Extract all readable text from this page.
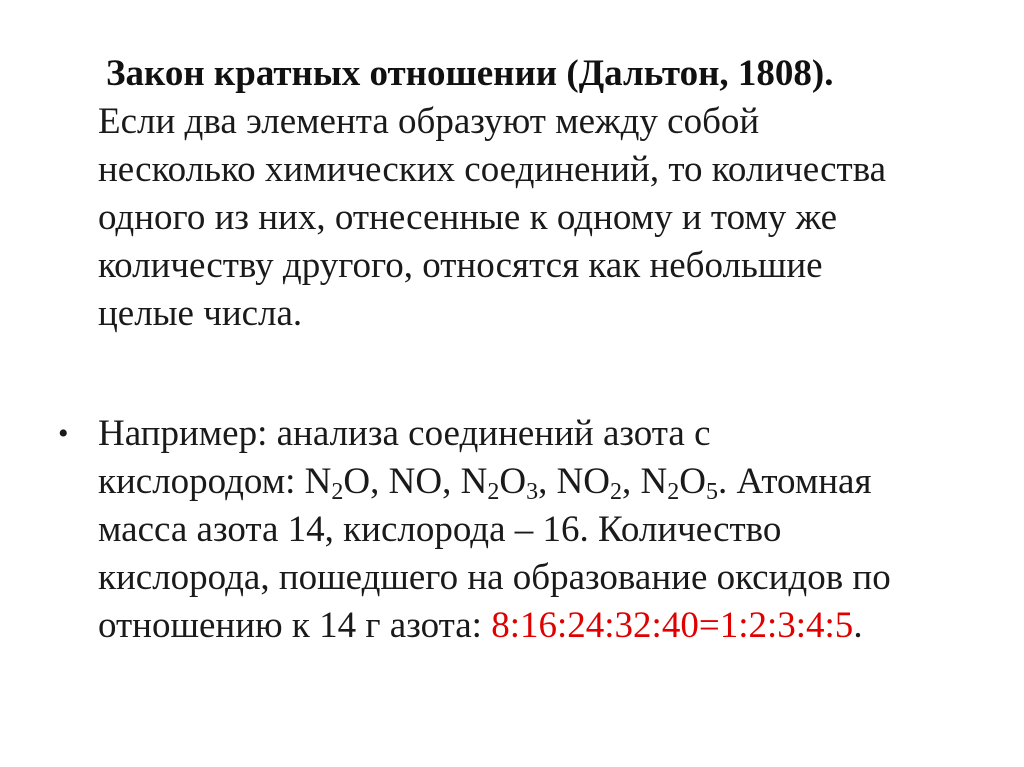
Закон кратных отношении (Дальтон, 1808).
Если два элемента образуют между собой
несколько химических соединений, то количества
одного из них, отнесенные к одному и тому же
количеству другого, относятся как небольшие
целые числа.
• Например: анализа соединений азота с
кислородом: $N_2O$, NO, $N_2O_3$, $NO_2$, $N_2O_5$. Атомная
масса азота 14, кислорода – 16. Количество
кислорода, пошедшего на образование оксидов по
отношению к 14 г азота: 8:16:24:32:40=1:2:3:4:5.
